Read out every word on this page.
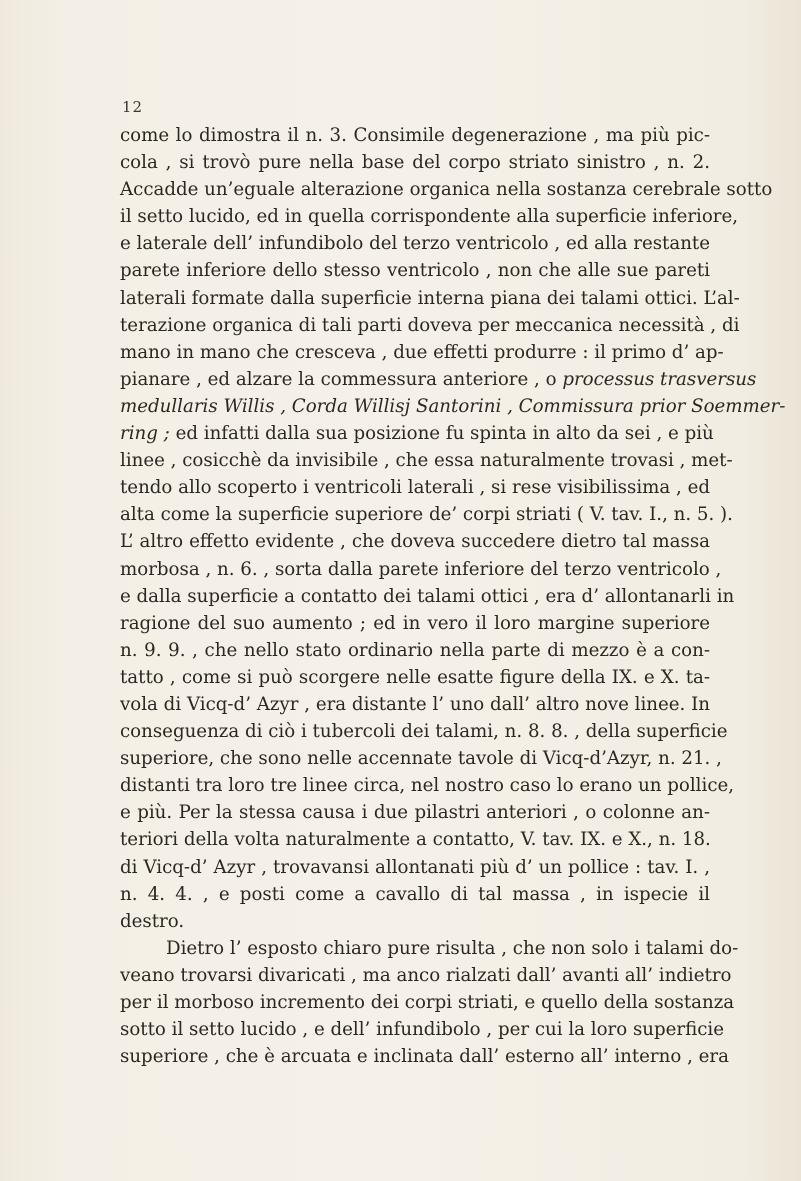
12
come lo dimostra il n. 3. Consimile degenerazione , ma più pic-
cola , si trovò pure nella base del corpo striato sinistro , n. 2.
Accadde un’eguale alterazione organica nella sostanza cerebrale sotto
il setto lucido, ed in quella corrispondente alla superficie inferiore,
e laterale dell’ infundibolo del terzo ventricolo , ed alla restante
parete inferiore dello stesso ventricolo , non che alle sue pareti
laterali formate dalla superficie interna piana dei talami ottici. L’al-
terazione organica di tali parti doveva per meccanica necessità , di
mano in mano che cresceva , due effetti produrre : il primo d’ ap-
pianare , ed alzare la commessura anteriore , o processus trasversus
medullaris Willis , Corda Willisj Santorini , Commissura prior Soemmer-
ring ; ed infatti dalla sua posizione fu spinta in alto da sei , e più
linee , cosicchè da invisibile , che essa naturalmente trovasi , met-
tendo allo scoperto i ventricoli laterali , si rese visibilissima , ed
alta come la superficie superiore de’ corpi striati ( V. tav. I., n. 5. ).
L’ altro effetto evidente , che doveva succedere dietro tal massa
morbosa , n. 6. , sorta dalla parete inferiore del terzo ventricolo ,
e dalla superficie a contatto dei talami ottici , era d’ allontanarli in
ragione del suo aumento ; ed in vero il loro margine superiore
n. 9. 9. , che nello stato ordinario nella parte di mezzo è a con-
tatto , come si può scorgere nelle esatte figure della IX. e X. ta-
vola di Vicq-d’ Azyr , era distante l’ uno dall’ altro nove linee. In
conseguenza di ciò i tubercoli dei talami, n. 8. 8. , della superficie
superiore, che sono nelle accennate tavole di Vicq-d’Azyr, n. 21. ,
distanti tra loro tre linee circa, nel nostro caso lo erano un pollice,
e più. Per la stessa causa i due pilastri anteriori , o colonne an-
teriori della volta naturalmente a contatto, V. tav. IX. e X., n. 18.
di Vicq-d’ Azyr , trovavansi allontanati più d’ un pollice : tav. I. ,
n. 4. 4. , e posti come a cavallo di tal massa , in ispecie il
destro.
Dietro l’ esposto chiaro pure risulta , che non solo i talami do-
veano trovarsi divaricati , ma anco rialzati dall’ avanti all’ indietro
per il morboso incremento dei corpi striati, e quello della sostanza
sotto il setto lucido , e dell’ infundibolo , per cui la loro superficie
superiore , che è arcuata e inclinata dall’ esterno all’ interno , era
